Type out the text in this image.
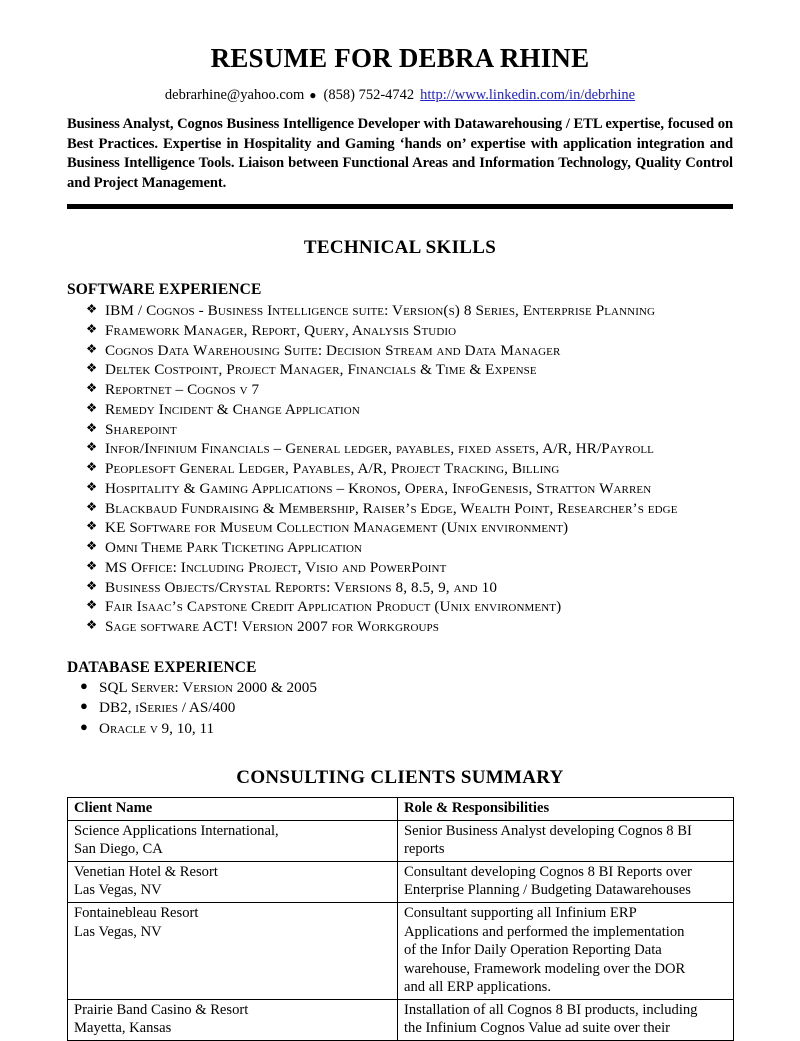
RESUME FOR DEBRA RHINE
debrarhine@yahoo.com ● (858) 752-4742 http://www.linkedin.com/in/debrhine

Business Analyst, Cognos Business Intelligence Developer with Datawarehousing / ETL expertise, focused on Best Practices. Expertise in Hospitality and Gaming ‘hands on’ expertise with application integration and Business Intelligence Tools. Liaison between Functional Areas and Information Technology, Quality Control and Project Management.

TECHNICAL SKILLS
SOFTWARE EXPERIENCE
❖ IBM / Cognos - Business Intelligence suite: Version(s) 8 Series, Enterprise Planning
❖ Framework Manager, Report, Query, Analysis Studio
❖ Cognos Data Warehousing Suite: Decision Stream and Data Manager
❖ Deltek Costpoint, Project Manager, Financials & Time & Expense
❖ Reportnet – Cognos v 7
❖ Remedy Incident & Change Application
❖ Sharepoint
❖ Infor/Infinium Financials – General ledger, payables, fixed assets, A/R, HR/Payroll
❖ Peoplesoft General Ledger, Payables, A/R, Project Tracking, Billing
❖ Hospitality & Gaming Applications – Kronos, Opera, InfoGenesis, Stratton Warren
❖ Blackbaud Fundraising & Membership, Raiser’s Edge, Wealth Point, Researcher’s edge
❖ KE Software for Museum Collection Management (Unix environment)
❖ Omni Theme Park Ticketing Application
❖ MS Office: Including Project, Visio and PowerPoint
❖ Business Objects/Crystal Reports: Versions 8, 8.5, 9, and 10
❖ Fair Isaac’s Capstone Credit Application Product (Unix environment)
❖ Sage software ACT! Version 2007 for Workgroups
DATABASE EXPERIENCE
● SQL Server: Version 2000 & 2005
● DB2, iSeries / AS/400
● Oracle v 9, 10, 11
CONSULTING CLIENTS SUMMARY
Client Name	Role & Responsibilities

Science Applications International,
San Diego, CA	Senior Business Analyst developing Cognos 8 BI
reports

Venetian Hotel & Resort
Las Vegas, NV	Consultant developing Cognos 8 BI Reports over
Enterprise Planning / Budgeting Datawarehouses

Fontainebleau Resort
Las Vegas, NV	Consultant supporting all Infinium ERP
Applications and performed the implementation
of the Infor Daily Operation Reporting Data
warehouse, Framework modeling over the DOR
and all ERP applications.

Prairie Band Casino & Resort
Mayetta, Kansas	Installation of all Cognos 8 BI products, including
the Infinium Cognos Value ad suite over their
